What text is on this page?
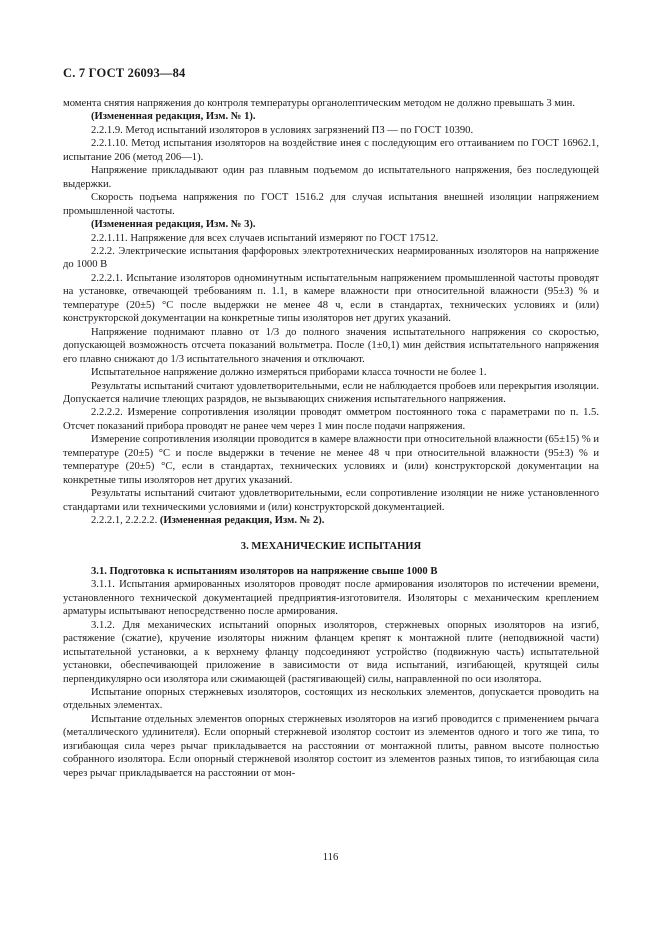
С. 7 ГОСТ 26093—84

момента снятия напряжения до контроля температуры органолептическим методом не должно превышать 3 мин.

(Измененная редакция, Изм. № 1).

2.2.1.9. Метод испытаний изоляторов в условиях загрязнений ПЗ — по ГОСТ 10390.

2.2.1.10. Метод испытания изоляторов на воздействие инея с последующим его оттаиванием по ГОСТ 16962.1, испытание 206 (метод 206—1).

Напряжение прикладывают один раз плавным подъемом до испытательного напряжения, без последующей выдержки.

Скорость подъема напряжения по ГОСТ 1516.2 для случая испытания внешней изоляции напряжением промышленной частоты.

(Измененная редакция, Изм. № 3).

2.2.1.11. Напряжение для всех случаев испытаний измеряют по ГОСТ 17512.

2.2.2. Электрические испытания фарфоровых электротехнических неармированных изоляторов на напряжение до 1000 В

2.2.2.1. Испытание изоляторов одноминутным испытательным напряжением промышленной частоты проводят на установке, отвечающей требованиям п. 1.1, в камере влажности при относительной влажности (95±3) % и температуре (20±5) °С после выдержки не менее 48 ч, если в стандартах, технических условиях и (или) конструкторской документации на конкретные типы изоляторов нет других указаний.

Напряжение поднимают плавно от 1/3 до полного значения испытательного напряжения со скоростью, допускающей возможность отсчета показаний вольтметра. После (1±0,1) мин действия испытательного напряжения его плавно снижают до 1/3 испытательного значения и отключают.

Испытательное напряжение должно измеряться приборами класса точности не более 1.

Результаты испытаний считают удовлетворительными, если не наблюдается пробоев или перекрытия изоляции. Допускается наличие тлеющих разрядов, не вызывающих снижения испытательного напряжения.

2.2.2.2. Измерение сопротивления изоляции проводят омметром постоянного тока с параметрами по п. 1.5. Отсчет показаний прибора проводят не ранее чем через 1 мин после подачи напряжения.

Измерение сопротивления изоляции проводится в камере влажности при относительной влажности (65±15) % и температуре (20±5) °С и после выдержки в течение не менее 48 ч при относительной влажности (95±3) % и температуре (20±5) °С, если в стандартах, технических условиях и (или) конструкторской документации на конкретные типы изоляторов нет других указаний.

Результаты испытаний считают удовлетворительными, если сопротивление изоляции не ниже установленного стандартами или техническими условиями и (или) конструкторской документацией.

2.2.2.1, 2.2.2.2. (Измененная редакция, Изм. № 2).

3. МЕХАНИЧЕСКИЕ ИСПЫТАНИЯ

3.1. Подготовка к испытаниям изоляторов на напряжение свыше 1000 В

3.1.1. Испытания армированных изоляторов проводят после армирования изоляторов по истечении времени, установленного технической документацией предприятия-изготовителя. Изоляторы с механическим креплением арматуры испытывают непосредственно после армирования.

3.1.2. Для механических испытаний опорных изоляторов, стержневых опорных изоляторов на изгиб, растяжение (сжатие), кручение изоляторы нижним фланцем крепят к монтажной плите (неподвижной части) испытательной установки, а к верхнему фланцу подсоединяют устройство (подвижную часть) испытательной установки, обеспечивающей приложение в зависимости от вида испытаний, изгибающей, крутящей силы перпендикулярно оси изолятора или сжимающей (растягивающей) силы, направленной по оси изолятора.

Испытание опорных стержневых изоляторов, состоящих из нескольких элементов, допускается проводить на отдельных элементах.

Испытание отдельных элементов опорных стержневых изоляторов на изгиб проводится с применением рычага (металлического удлинителя). Если опорный стержневой изолятор состоит из элементов одного и того же типа, то изгибающая сила через рычаг прикладывается на расстоянии от монтажной плиты, равном высоте полностью собранного изолятора. Если опорный стержневой изолятор состоит из элементов разных типов, то изгибающая сила через рычаг прикладывается на расстоянии от мон-

116
